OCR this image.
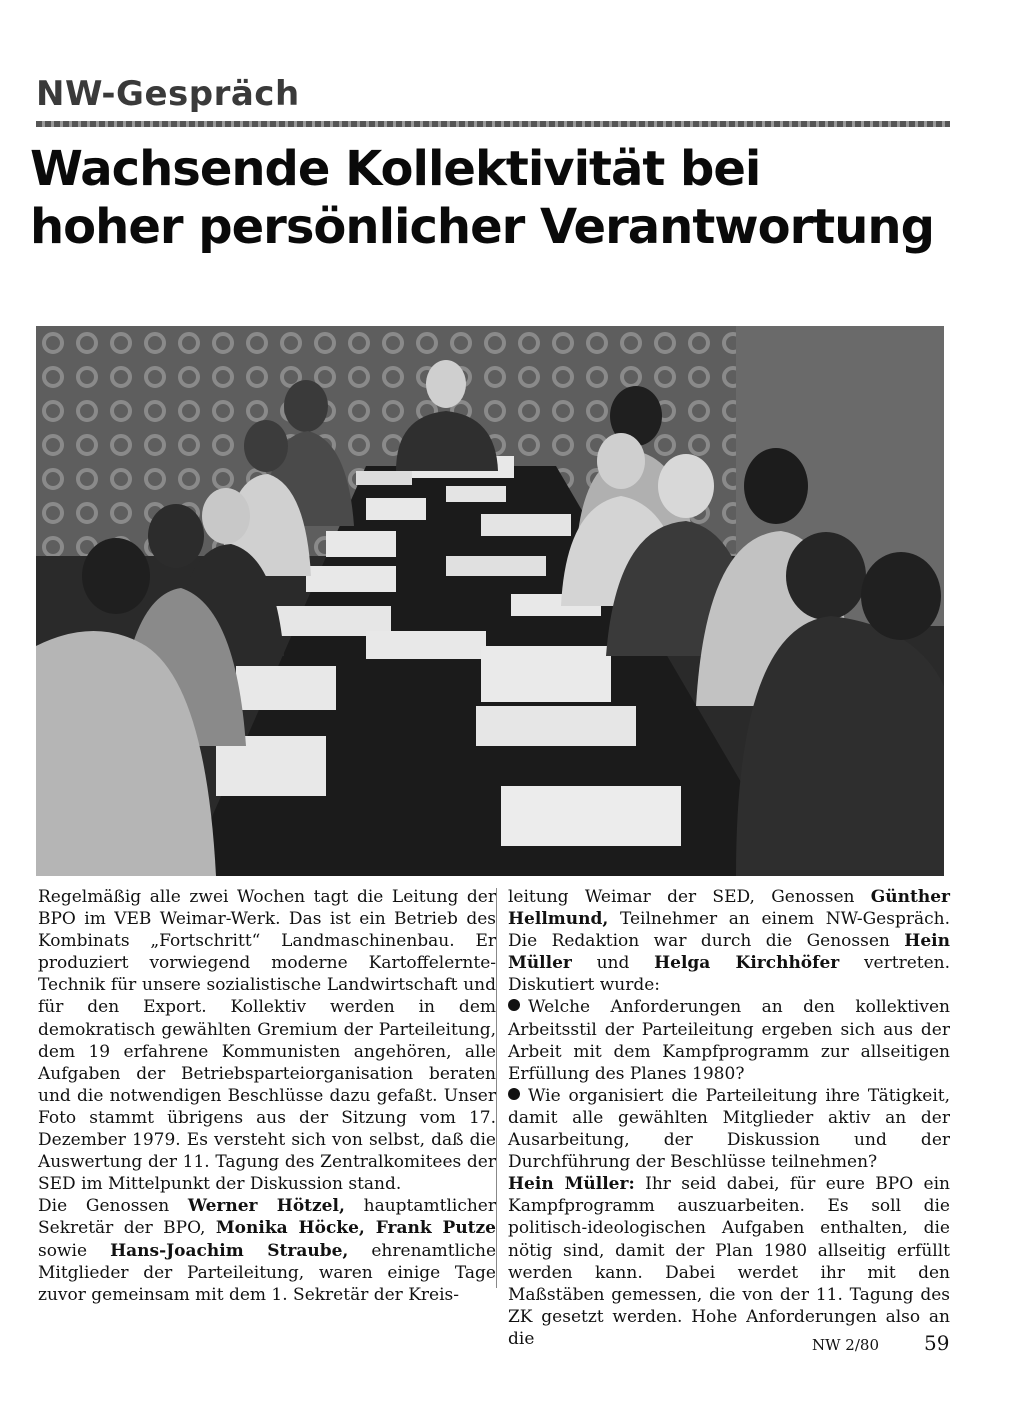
NW-Gespräch
Wachsende Kollektivität bei
hoher persönlicher Verantwortung

Regelmäßig alle zwei Wochen tagt die Leitung der BPO im VEB Weimar-Werk. Das ist ein Betrieb des Kombinats „Fortschritt“ Landmaschinenbau. Er produziert vorwiegend moderne Kartoffelernte-Technik für unsere sozialistische Landwirtschaft und für den Export. Kollektiv werden in dem demokratisch gewählten Gremium der Parteileitung, dem 19 erfahrene Kommunisten angehören, alle Aufgaben der Betriebsparteiorganisation beraten und die notwendigen Beschlüsse dazu gefaßt. Unser Foto stammt übrigens aus der Sitzung vom 17. Dezember 1979. Es versteht sich von selbst, daß die Auswertung der 11. Tagung des Zentralkomitees der SED im Mittelpunkt der Diskussion stand.

Die Genossen Werner Hötzel, hauptamtlicher Sekretär der BPO, Monika Höcke, Frank Putze sowie Hans-Joachim Straube, ehrenamtliche Mitglieder der Parteileitung, waren einige Tage zuvor gemeinsam mit dem 1. Sekretär der Kreis-

leitung Weimar der SED, Genossen Günther Hellmund, Teilnehmer an einem NW-Gespräch. Die Redaktion war durch die Genossen Hein Müller und Helga Kirchhöfer vertreten. Diskutiert wurde:

Welche Anforderungen an den kollektiven Arbeitsstil der Parteileitung ergeben sich aus der Arbeit mit dem Kampfprogramm zur allseitigen Erfüllung des Planes 1980?

Wie organisiert die Parteileitung ihre Tätigkeit, damit alle gewählten Mitglieder aktiv an der Ausarbeitung, der Diskussion und der Durchführung der Beschlüsse teilnehmen?

Hein Müller: Ihr seid dabei, für eure BPO ein Kampfprogramm auszuarbeiten. Es soll die politisch-ideologischen Aufgaben enthalten, die nötig sind, damit der Plan 1980 allseitig erfüllt werden kann. Dabei werdet ihr mit den Maßstäben gemessen, die von der 11. Tagung des ZK gesetzt werden. Hohe Anforderungen also an die	NW 2/80 59
